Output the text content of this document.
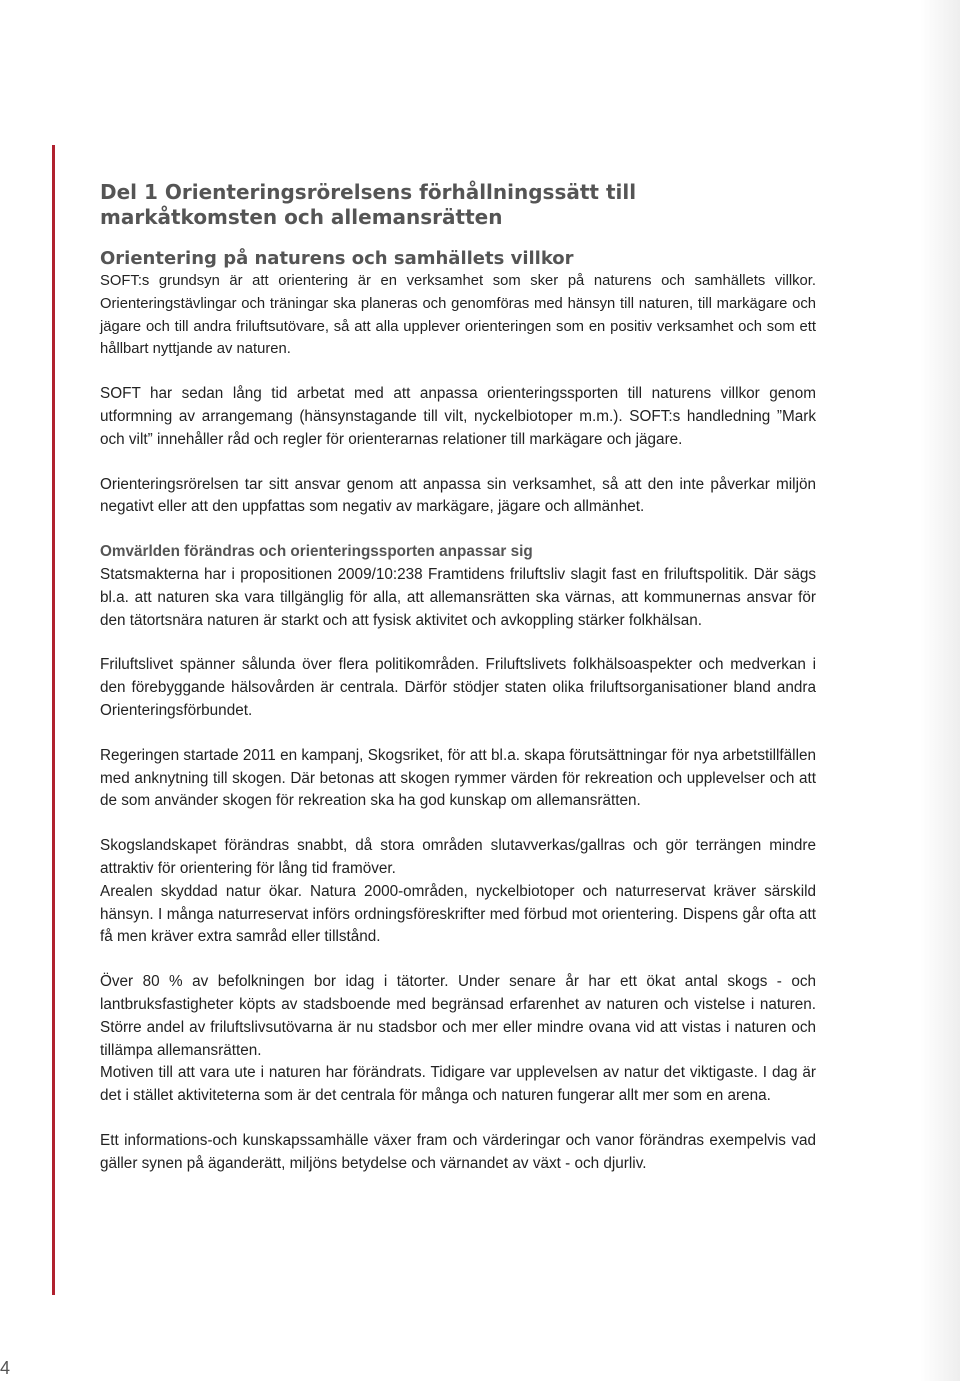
Del 1 Orienteringsrörelsens förhållningssätt till markåtkomsten och allemansrätten
Orientering på naturens och samhällets villkor

SOFT:s grundsyn är att orientering är en verksamhet som sker på naturens och samhällets villkor. Orienteringstävlingar och träningar ska planeras och genomföras med hänsyn till naturen, till markägare och jägare och till andra friluftsutövare, så att alla upplever orienteringen som en positiv verksamhet och som ett hållbart nyttjande av naturen.

SOFT har sedan lång tid arbetat med att anpassa orienteringssporten till naturens villkor genom utformning av arrangemang (hänsynstagande till vilt, nyckelbiotoper m.m.). SOFT:s handledning ”Mark och vilt” innehåller råd och regler för orienterarnas relationer till markägare och jägare.

Orienteringsrörelsen tar sitt ansvar genom att anpassa sin verksamhet, så att den inte påverkar miljön negativt eller att den uppfattas som negativ av markägare, jägare och allmänhet.

Omvärlden förändras och orienteringssporten anpassar sig

Statsmakterna har i propositionen 2009/10:238 Framtidens friluftsliv slagit fast en friluftspolitik. Där sägs bl.a. att naturen ska vara tillgänglig för alla, att allemansrätten ska värnas, att kommunernas ansvar för den tätortsnära naturen är starkt och att fysisk aktivitet och avkoppling stärker folkhälsan.

Friluftslivet spänner sålunda över flera politikområden. Friluftslivets folkhälsoaspekter och medverkan i den förebyggande hälsovården är centrala. Därför stödjer staten olika friluftsorganisationer bland andra Orienteringsförbundet.

Regeringen startade 2011 en kampanj, Skogsriket, för att bl.a. skapa förutsättningar för nya arbetstillfällen med anknytning till skogen. Där betonas att skogen rymmer värden för rekreation och upplevelser och att de som använder skogen för rekreation ska ha god kunskap om allemansrätten.

Skogslandskapet förändras snabbt, då stora områden slutavverkas/gallras och gör terrängen mindre attraktiv för orientering för lång tid framöver.

Arealen skyddad natur ökar. Natura 2000-områden, nyckelbiotoper och naturreservat kräver särskild hänsyn. I många naturreservat införs ordningsföreskrifter med förbud mot orientering. Dispens går ofta att få men kräver extra samråd eller tillstånd.

Över 80 % av befolkningen bor idag i tätorter. Under senare år har ett ökat antal skogs - och lantbruksfastigheter köpts av stadsboende med begränsad erfarenhet av naturen och vistelse i naturen. Större andel av friluftslivsutövarna är nu stadsbor och mer eller mindre ovana vid att vistas i naturen och tillämpa allemansrätten.

Motiven till att vara ute i naturen har förändrats. Tidigare var upplevelsen av natur det viktigaste. I dag är det i stället aktiviteterna som är det centrala för många och naturen fungerar allt mer som en arena.

Ett informations-och kunskapssamhälle växer fram och värderingar och vanor förändras exempelvis vad gäller synen på äganderätt, miljöns betydelse och värnandet av växt - och djurliv.

4
